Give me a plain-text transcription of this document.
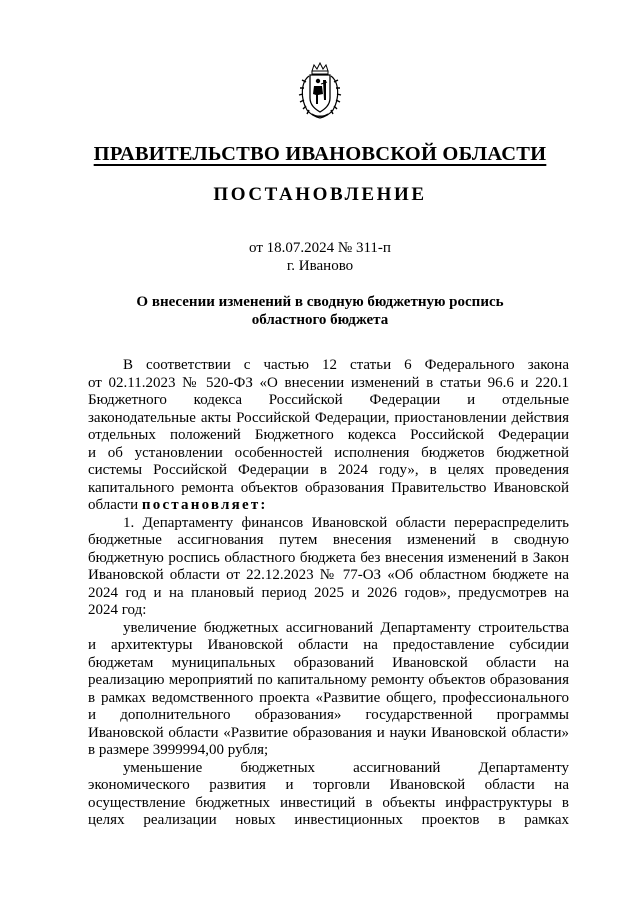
ПРАВИТЕЛЬСТВО ИВАНОВСКОЙ ОБЛАСТИ
ПОСТАНОВЛЕНИЕ
от 18.07.2024 № 311-п
г. Иваново
О внесении изменений в сводную бюджетную роспись
областного бюджета
В соответствии с частью 12 статьи 6 Федерального закона
от 02.11.2023 № 520-ФЗ «О внесении изменений в статьи 96.6 и 220.1
Бюджетного кодекса Российской Федерации и отдельные
законодательные акты Российской Федерации, приостановлении действия
отдельных положений Бюджетного кодекса Российской Федерации
и об установлении особенностей исполнения бюджетов бюджетной
системы Российской Федерации в 2024 году», в целях проведения
капитального ремонта объектов образования Правительство Ивановской
области постановляет:
1. Департаменту финансов Ивановской области перераспределить
бюджетные ассигнования путем внесения изменений в сводную
бюджетную роспись областного бюджета без внесения изменений в Закон
Ивановской области от 22.12.2023 № 77-ОЗ «Об областном бюджете на
2024 год и на плановый период 2025 и 2026 годов», предусмотрев на
2024 год:
увеличение бюджетных ассигнований Департаменту строительства
и архитектуры Ивановской области на предоставление субсидии
бюджетам муниципальных образований Ивановской области на
реализацию мероприятий по капитальному ремонту объектов образования
в рамках ведомственного проекта «Развитие общего, профессионального
и дополнительного образования» государственной программы
Ивановской области «Развитие образования и науки Ивановской области»
в размере 3999994,00 рубля;
уменьшение бюджетных ассигнований Департаменту
экономического развития и торговли Ивановской области на
осуществление бюджетных инвестиций в объекты инфраструктуры в
целях реализации новых инвестиционных проектов в рамках
